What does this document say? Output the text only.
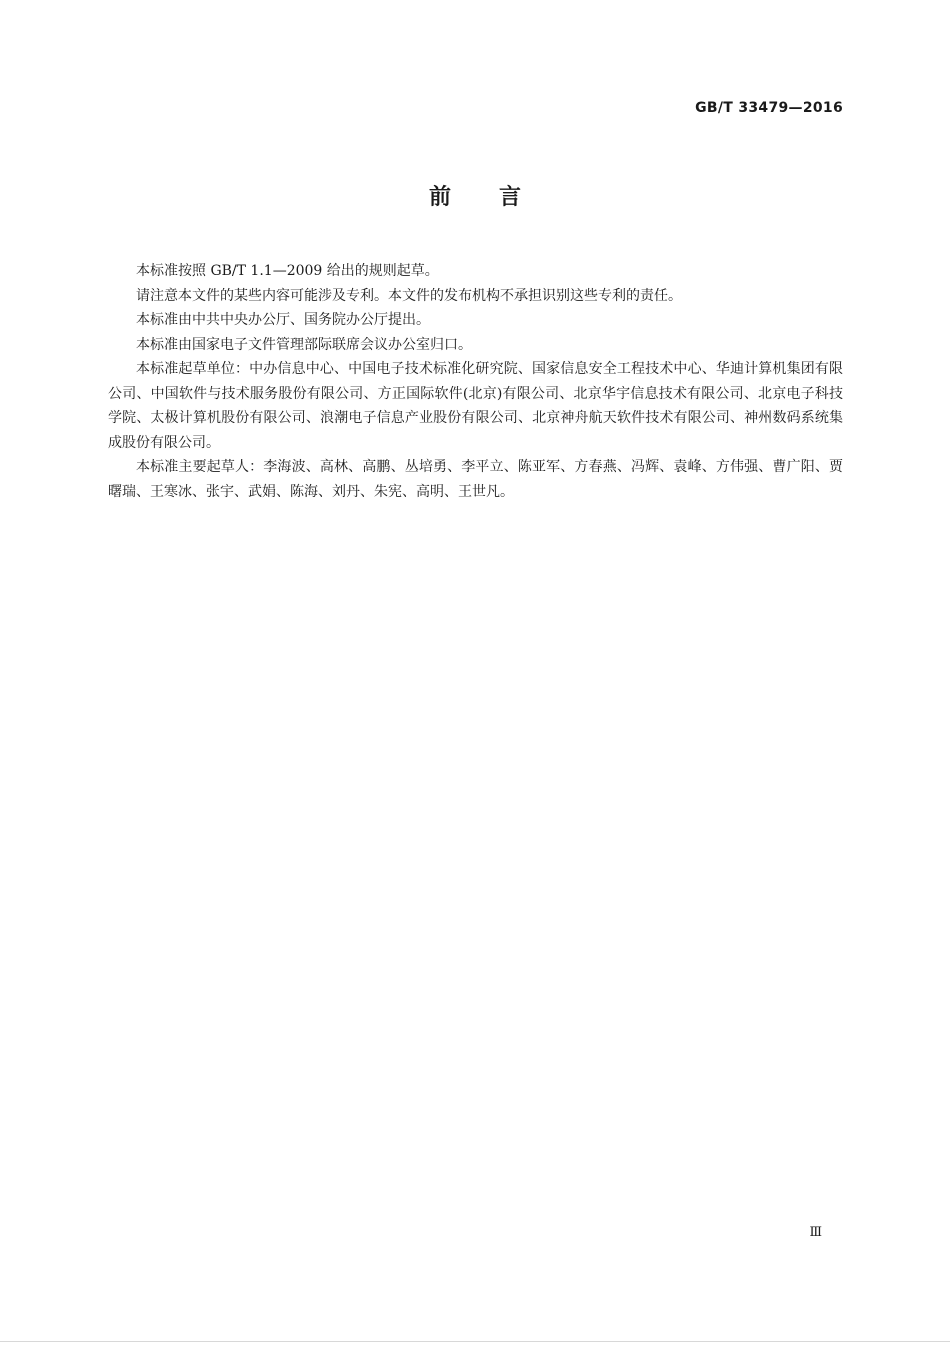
GB/T 33479—2016
前言

本标准按照 GB/T 1.1—2009 给出的规则起草。

请注意本文件的某些内容可能涉及专利。本文件的发布机构不承担识别这些专利的责任。

本标准由中共中央办公厅、国务院办公厅提出。

本标准由国家电子文件管理部际联席会议办公室归口。

本标准起草单位：中办信息中心、中国电子技术标准化研究院、国家信息安全工程技术中心、华迪计算机集团有限公司、中国软件与技术服务股份有限公司、方正国际软件(北京)有限公司、北京华宇信息技术有限公司、北京电子科技学院、太极计算机股份有限公司、浪潮电子信息产业股份有限公司、北京神舟航天软件技术有限公司、神州数码系统集成股份有限公司。

本标准主要起草人：李海波、高林、高鹏、丛培勇、李平立、陈亚军、方春燕、冯辉、袁峰、方伟强、曹广阳、贾曙瑞、王寒冰、张宇、武娟、陈海、刘丹、朱宪、高明、王世凡。

Ⅲ
